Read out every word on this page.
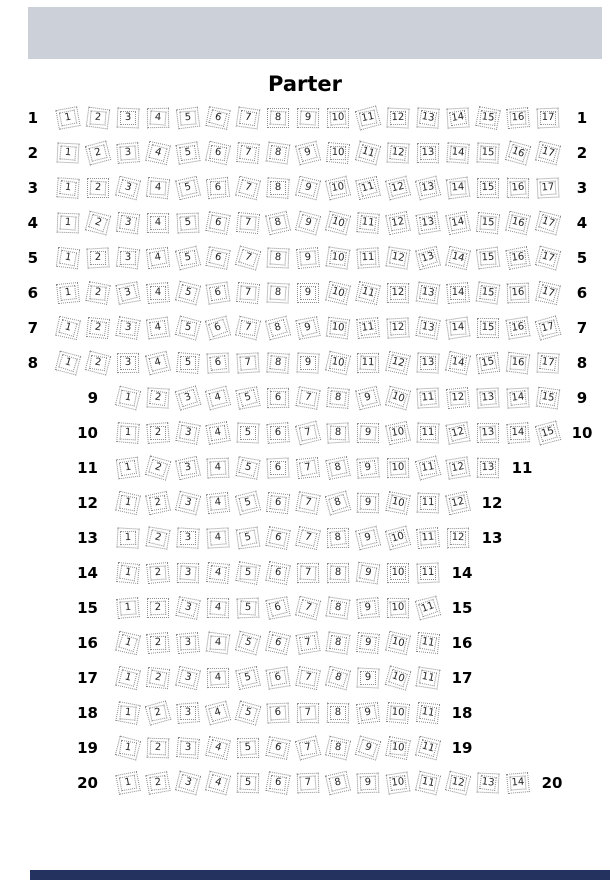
Parter
1	1 2 3 4 5 6 7 8 9 10 11 12 13 14 15 16 17	1
2	1 2 3 4 5 6 7 8 9 10 11 12 13 14 15 16 17	2
3	1 2 3 4 5 6 7 8 9 10 11 12 13 14 15 16 17	3
4	1 2 3 4 5 6 7 8 9 10 11 12 13 14 15 16 17	4
5	1 2 3 4 5 6 7 8 9 10 11 12 13 14 15 16 17	5
6	1 2 3 4 5 6 7 8 9 10 11 12 13 14 15 16 17	6
7	1 2 3 4 5 6 7 8 9 10 11 12 13 14 15 16 17	7
8	1 2 3 4 5 6 7 8 9 10 11 12 13 14 15 16 17	8
9	1 2 3 4 5 6 7 8 9 10 11 12 13 14 15	9
10	1 2 3 4 5 6 7 8 9 10 11 12 13 14 15	10
11	1 2 3 4 5 6 7 8 9 10 11 12 13	11
12	1 2 3 4 5 6 7 8 9 10 11 12	12
13	1 2 3 4 5 6 7 8 9 10 11 12	13
14	1 2 3 4 5 6 7 8 9 10 11	14
15	1 2 3 4 5 6 7 8 9 10 11	15
16	1 2 3 4 5 6 7 8 9 10 11	16
17	1 2 3 4 5 6 7 8 9 10 11	17
18	1 2 3 4 5 6 7 8 9 10 11	18
19	1 2 3 4 5 6 7 8 9 10 11	19
20	1 2 3 4 5 6 7 8 9 10 11 12 13 14	20
